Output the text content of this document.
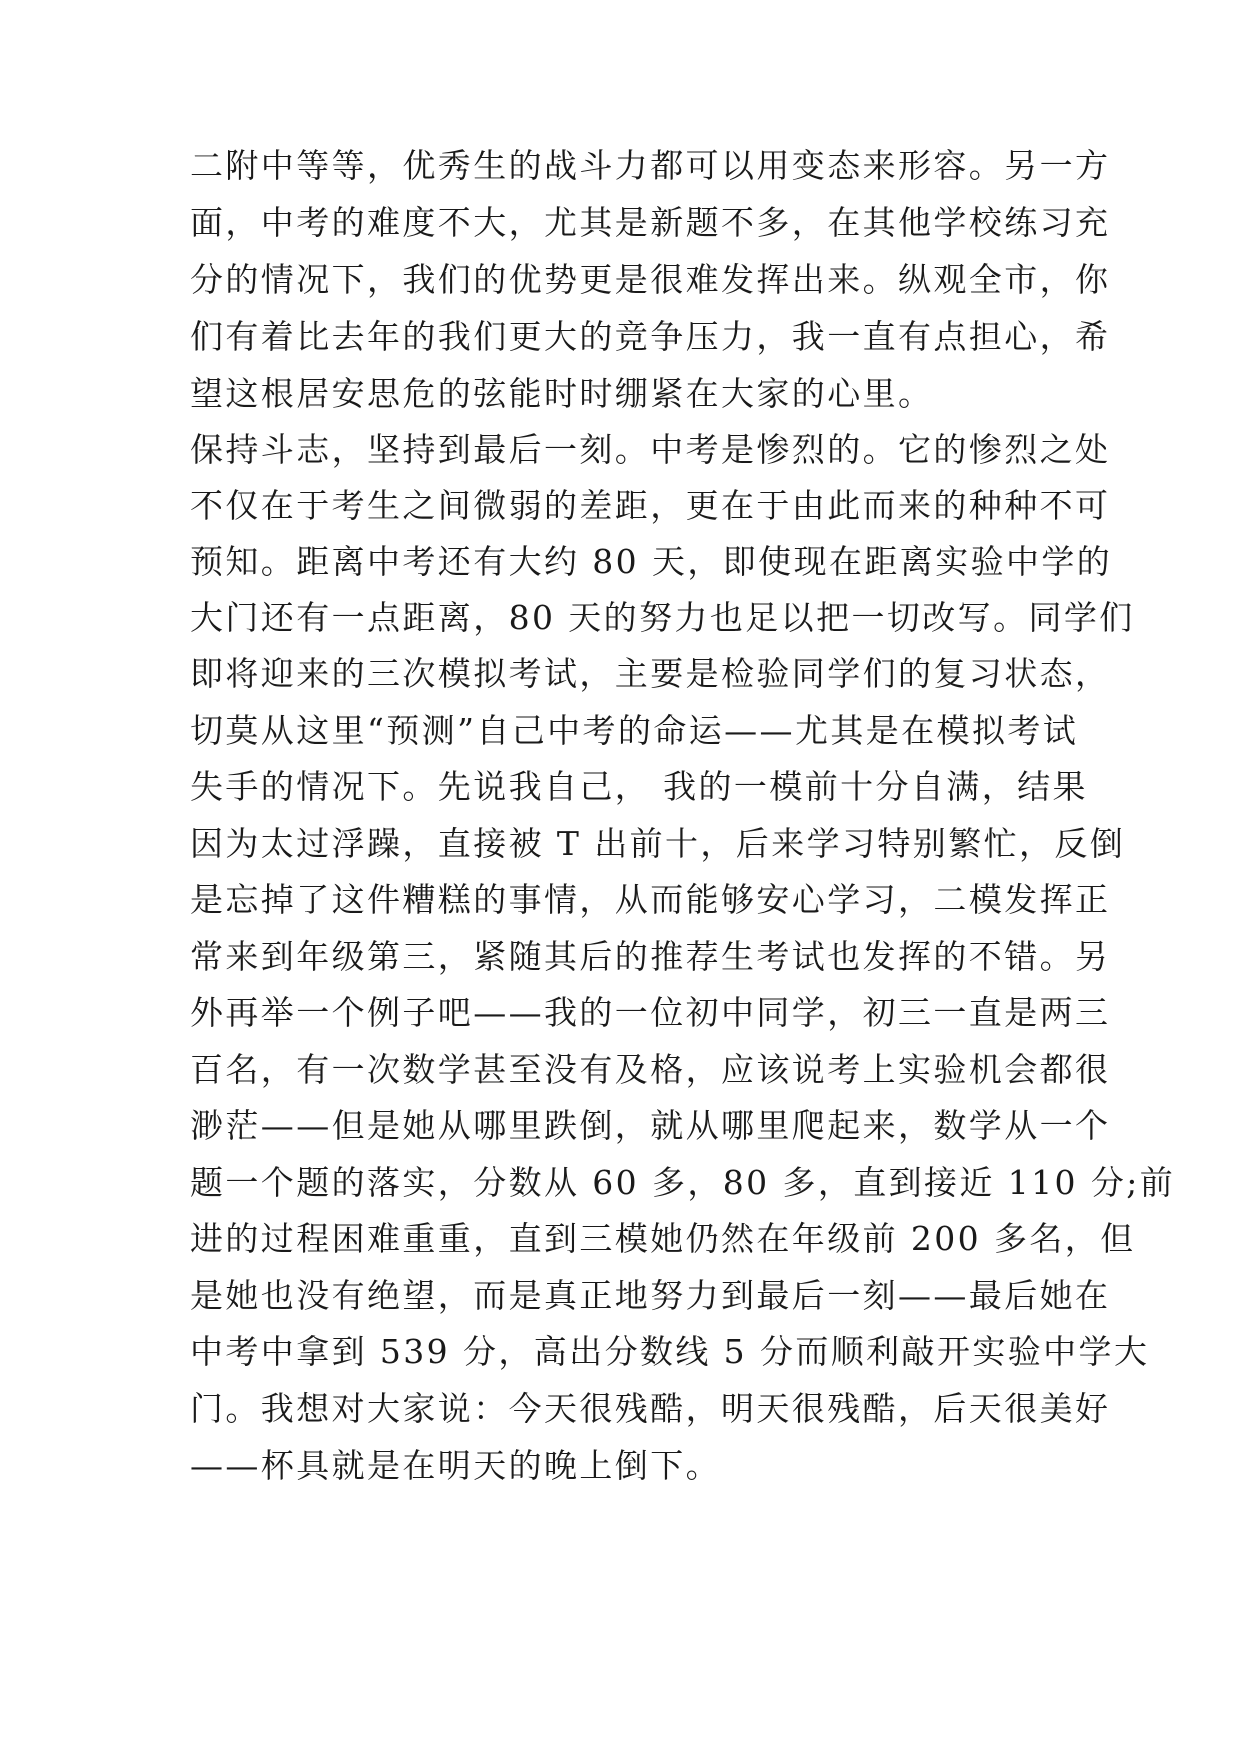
二附中等等，优秀生的战斗力都可以用变态来形容。另一方
面，中考的难度不大，尤其是新题不多，在其他学校练习充
分的情况下，我们的优势更是很难发挥出来。纵观全市，你
们有着比去年的我们更大的竞争压力，我一直有点担心，希
望这根居安思危的弦能时时绷紧在大家的心里。
保持斗志，坚持到最后一刻。中考是惨烈的。它的惨烈之处
不仅在于考生之间微弱的差距，更在于由此而来的种种不可
预知。距离中考还有大约 80 天，即使现在距离实验中学的
大门还有一点距离，80 天的努力也足以把一切改写。同学们
即将迎来的三次模拟考试，主要是检验同学们的复习状态，
切莫从这里“预测”自己中考的命运——尤其是在模拟考试
失手的情况下。先说我自己， 我的一模前十分自满，结果
因为太过浮躁，直接被 T 出前十，后来学习特别繁忙，反倒
是忘掉了这件糟糕的事情，从而能够安心学习，二模发挥正
常来到年级第三，紧随其后的推荐生考试也发挥的不错。另
外再举一个例子吧——我的一位初中同学，初三一直是两三
百名，有一次数学甚至没有及格，应该说考上实验机会都很
渺茫——但是她从哪里跌倒，就从哪里爬起来，数学从一个
题一个题的落实，分数从 60 多，80 多，直到接近 110 分;前
进的过程困难重重，直到三模她仍然在年级前 200 多名，但
是她也没有绝望，而是真正地努力到最后一刻——最后她在
中考中拿到 539 分，高出分数线 5 分而顺利敲开实验中学大
门。我想对大家说：今天很残酷，明天很残酷，后天很美好
——杯具就是在明天的晚上倒下。
